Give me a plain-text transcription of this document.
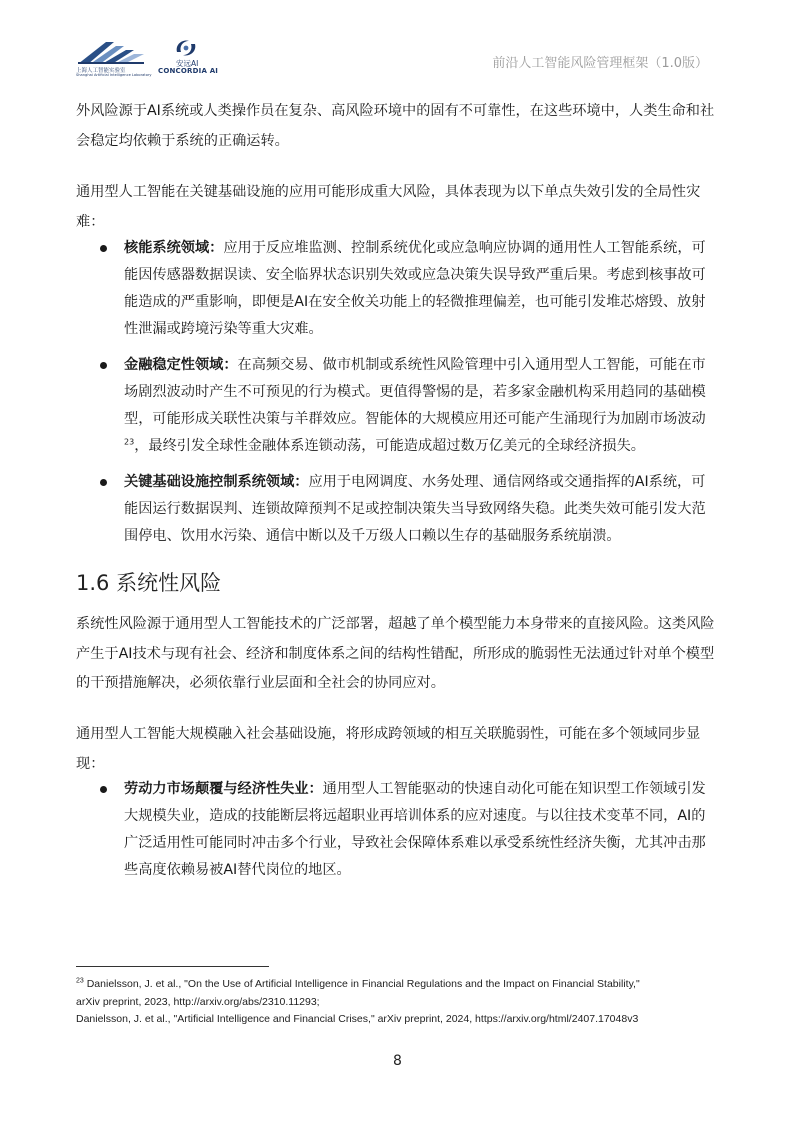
上海人工智能实验室
Shanghai Artificial Intelligence Laboratory
安远AI
CONCORDIA AI	前沿人工智能风险管理框架（1.0版）
外风险源于AI系统或人类操作员在复杂、高风险环境中的固有不可靠性，在这些环境中，人类生命和社会稳定均依赖于系统的正确运转。
通用型人工智能在关键基础设施的应用可能形成重大风险，具体表现为以下单点失效引发的全局性灾难：
核能系统领域：应用于反应堆监测、控制系统优化或应急响应协调的通用性人工智能系统，可能因传感器数据误读、安全临界状态识别失效或应急决策失误导致严重后果。考虑到核事故可能造成的严重影响，即便是AI在安全攸关功能上的轻微推理偏差，也可能引发堆芯熔毁、放射性泄漏或跨境污染等重大灾难。
金融稳定性领域：在高频交易、做市机制或系统性风险管理中引入通用型人工智能，可能在市场剧烈波动时产生不可预见的行为模式。更值得警惕的是，若多家金融机构采用趋同的基础模型，可能形成关联性决策与羊群效应。智能体的大规模应用还可能产生涌现行为加剧市场波动$^{23}$，最终引发全球性金融体系连锁动荡，可能造成超过数万亿美元的全球经济损失。
关键基础设施控制系统领域：应用于电网调度、水务处理、通信网络或交通指挥的AI系统，可能因运行数据误判、连锁故障预判不足或控制决策失当导致网络失稳。此类失效可能引发大范围停电、饮用水污染、通信中断以及千万级人口赖以生存的基础服务系统崩溃。
1.6 系统性风险
系统性风险源于通用型人工智能技术的广泛部署，超越了单个模型能力本身带来的直接风险。这类风险产生于AI技术与现有社会、经济和制度体系之间的结构性错配，所形成的脆弱性无法通过针对单个模型的干预措施解决，必须依靠行业层面和全社会的协同应对。
通用型人工智能大规模融入社会基础设施，将形成跨领域的相互关联脆弱性，可能在多个领域同步显现：
劳动力市场颠覆与经济性失业：通用型人工智能驱动的快速自动化可能在知识型工作领域引发大规模失业，造成的技能断层将远超职业再培训体系的应对速度。与以往技术变革不同，AI的广泛适用性可能同时冲击多个行业，导致社会保障体系难以承受系统性经济失衡，尤其冲击那些高度依赖易被AI替代岗位的地区。
$^{23}$ Danielsson, J. et al., "On the Use of Artificial Intelligence in Financial Regulations and the Impact on Financial Stability,"
arXiv preprint, 2023, http://arxiv.org/abs/2310.11293;
Danielsson, J. et al., "Artificial Intelligence and Financial Crises," arXiv preprint, 2024, https://arxiv.org/html/2407.17048v3
8
